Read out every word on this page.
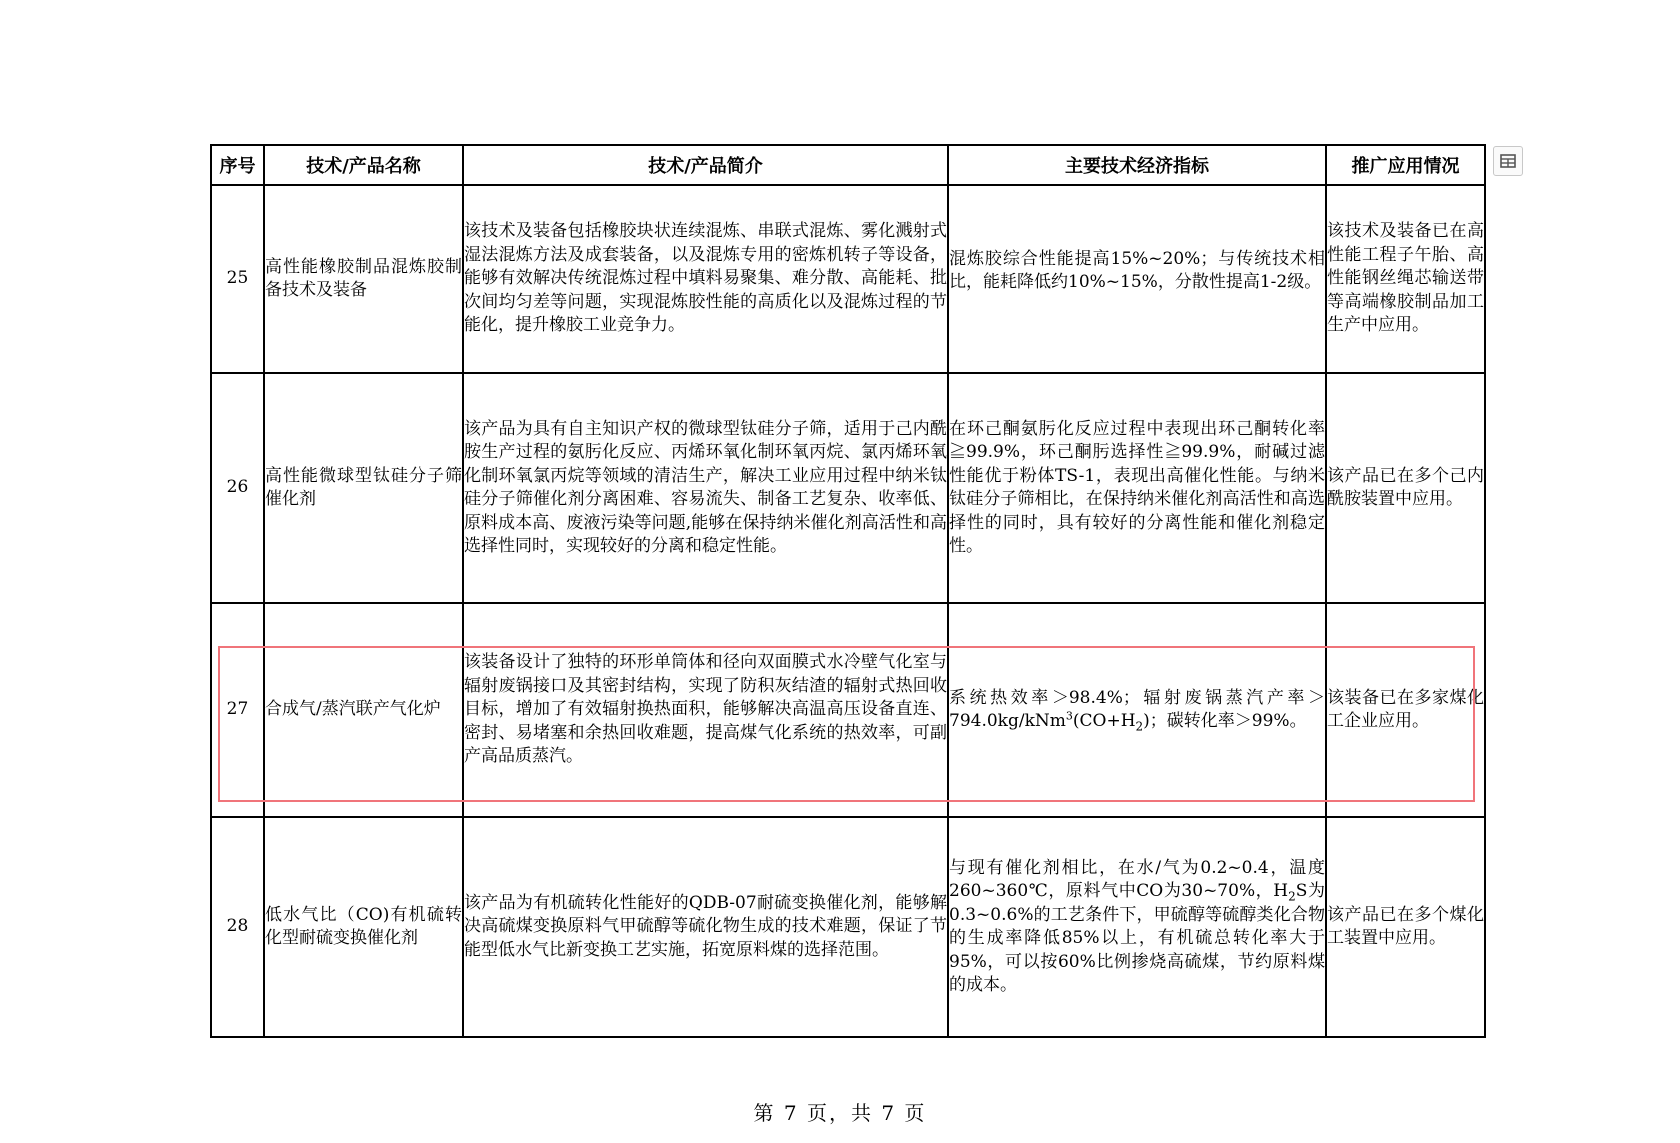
序号	技术/产品名称	技术/产品简介	主要技术经济指标	推广应用情况
25	高性能橡胶制品混炼胶制备技术及装备	该技术及装备包括橡胶块状连续混炼、串联式混炼、雾化溅射式湿法混炼方法及成套装备，以及混炼专用的密炼机转子等设备，能够有效解决传统混炼过程中填料易聚集、难分散、高能耗、批次间均匀差等问题，实现混炼胶性能的高质化以及混炼过程的节能化，提升橡胶工业竞争力。	混炼胶综合性能提高15%~20%；与传统技术相比，能耗降低约10%~15%，分散性提高1-2级。	该技术及装备已在高性能工程子午胎、高性能钢丝绳芯输送带等高端橡胶制品加工生产中应用。
26	高性能微球型钛硅分子筛催化剂	该产品为具有自主知识产权的微球型钛硅分子筛，适用于己内酰胺生产过程的氨肟化反应、丙烯环氧化制环氧丙烷、氯丙烯环氧化制环氧氯丙烷等领域的清洁生产，解决工业应用过程中纳米钛硅分子筛催化剂分离困难、容易流失、制备工艺复杂、收率低、原料成本高、废液污染等问题,能够在保持纳米催化剂高活性和高选择性同时，实现较好的分离和稳定性能。	在环己酮氨肟化反应过程中表现出环己酮转化率≧99.9%，环己酮肟选择性≧99.9%，耐碱过滤性能优于粉体TS-1，表现出高催化性能。与纳米钛硅分子筛相比，在保持纳米催化剂高活性和高选择性的同时，具有较好的分离性能和催化剂稳定性。	该产品已在多个己内酰胺装置中应用。
27	合成气/蒸汽联产气化炉	该装备设计了独特的环形单筒体和径向双面膜式水冷壁气化室与辐射废锅接口及其密封结构，实现了防积灰结渣的辐射式热回收目标，增加了有效辐射换热面积，能够解决高温高压设备直连、密封、易堵塞和余热回收难题，提高煤气化系统的热效率，可副产高品质蒸汽。	系统热效率＞98.4%；辐射废锅蒸汽产率$>794.0kg/kNm^3(CO+H_2)$；碳转化率＞99%。	该装备已在多家煤化工企业应用。
28	低水气比（CO)有机硫转化型耐硫变换催化剂	该产品为有机硫转化性能好的QDB-07耐硫变换催化剂，能够解决高硫煤变换原料气甲硫醇等硫化物生成的技术难题，保证了节能型低水气比新变换工艺实施，拓宽原料煤的选择范围。	与现有催化剂相比，在水/气为0.2~0.4，温度260~360℃，原料气中CO为30~70%，$H_2S$为0.3~0.6%的工艺条件下，甲硫醇等硫醇类化合物的生成率降低85%以上，有机硫总转化率大于95%，可以按60%比例掺烧高硫煤，节约原料煤的成本。	该产品已在多个煤化工装置中应用。
第 7 页，共 7 页
